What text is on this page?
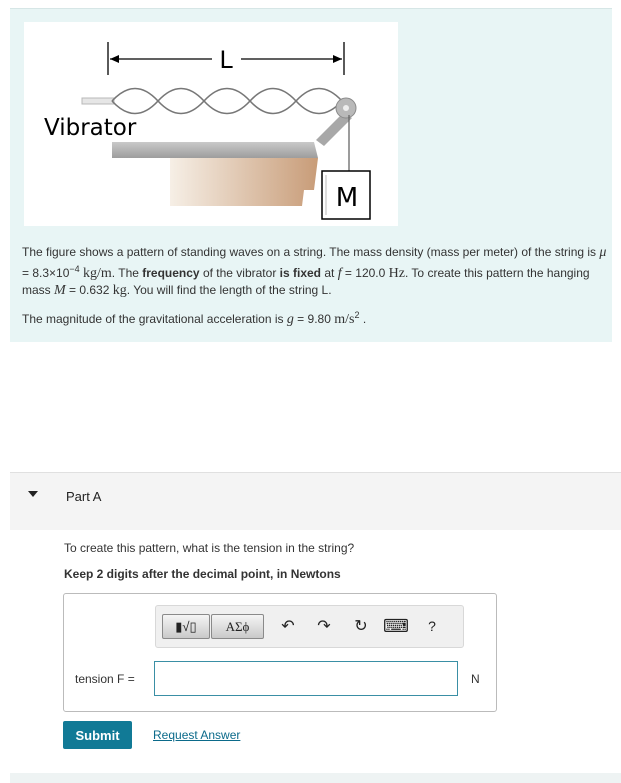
L
M
Vibrator

The figure shows a pattern of standing waves on a string. The mass density (mass per meter) of the string is $\mu = 8.3\times 10^{-4}$ kg/m. The frequency of the vibrator is fixed at f = 120.0 Hz. To create this pattern the hanging mass M = 0.632 kg. You will find the length of the string L.

The magnitude of the gravitational acceleration is g = 9.80 $m/s^2$ .

Part A
To create this pattern, what is the tension in the string?
Keep 2 digits after the decimal point, in Newtons
▮√▯ ΑΣϕ ↶ ↷ ↻ ⌨	?
tension F =	N
Submit	Request Answer
